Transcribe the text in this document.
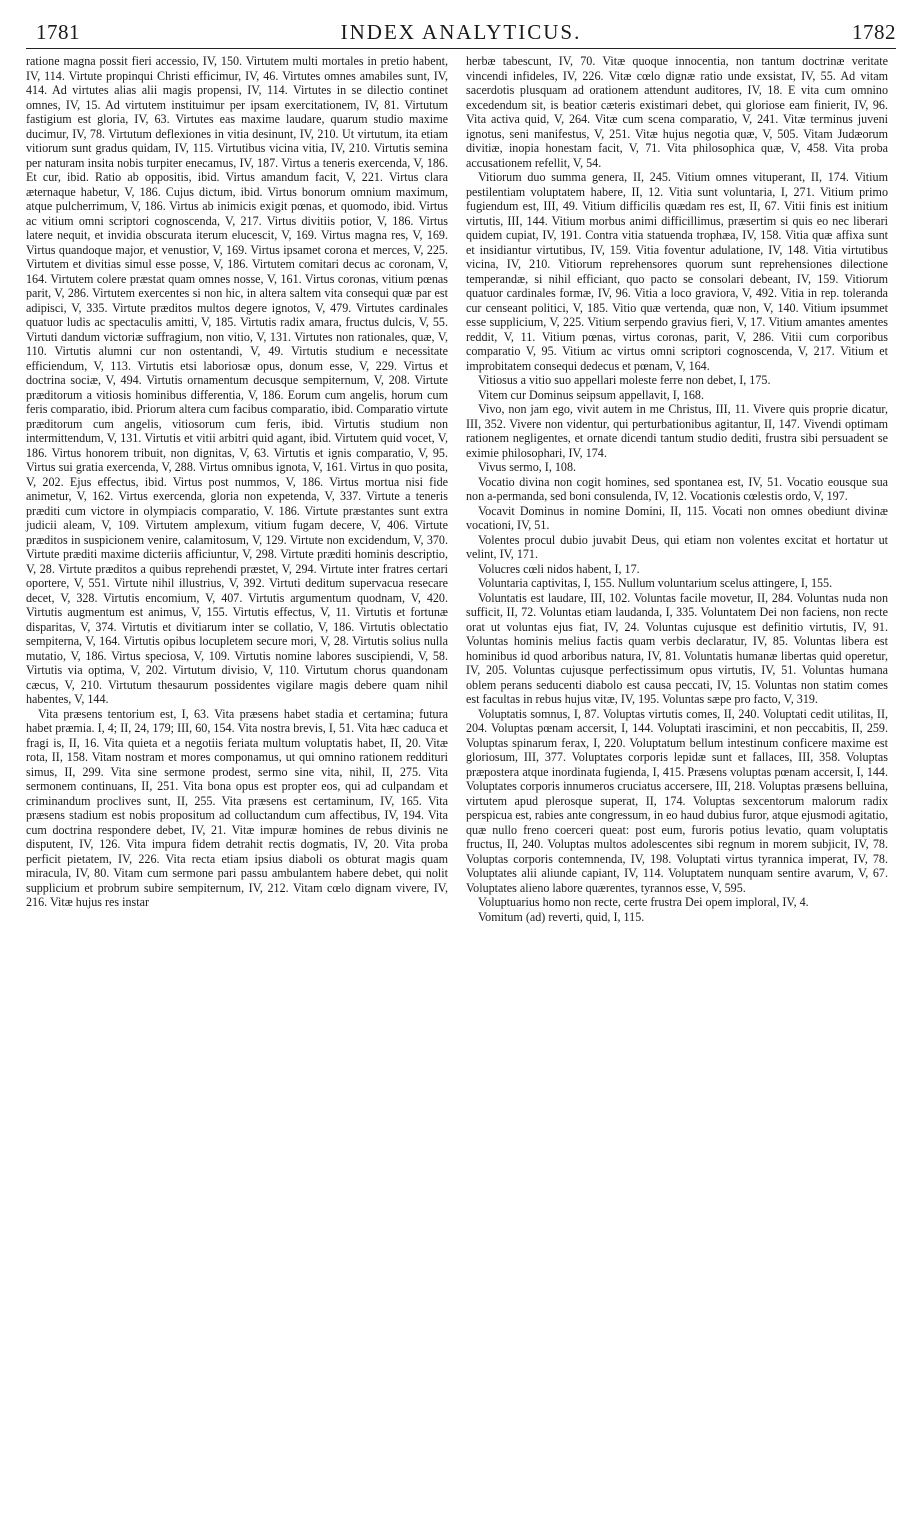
1781	INDEX ANALYTICUS.	1782

ratione magna possit fieri accessio, IV, 150. Virtutem multi mortales in pretio habent, IV, 114. Virtute propinqui Christi efficimur, IV, 46. Virtutes omnes amabiles sunt, IV, 414. Ad virtutes alias alii magis propensi, IV, 114. Virtutes in se dilectio continet omnes, IV, 15. Ad virtutem instituimur per ipsam exercitationem, IV, 81. Virtutum fastigium est gloria, IV, 63. Virtutes eas maxime laudare, quarum studio maxime ducimur, IV, 78. Virtutum deflexiones in vitia desinunt, IV, 210. Ut virtutum, ita etiam vitiorum sunt gradus quidam, IV, 115. Virtutibus vicina vitia, IV, 210. Virtutis semina per naturam insita nobis turpiter enecamus, IV, 187. Virtus a teneris exercenda, V, 186. Et cur, ibid. Ratio ab oppositis, ibid. Virtus amandum facit, V, 221. Virtus clara æternaque habetur, V, 186. Cujus dictum, ibid. Virtus bonorum omnium maximum, atque pulcherrimum, V, 186. Virtus ab inimicis exigit pœnas, et quomodo, ibid. Virtus ac vitium omni scriptori cognoscenda, V, 217. Virtus divitiis potior, V, 186. Virtus latere nequit, et invidia obscurata iterum elucescit, V, 169. Virtus magna res, V, 169. Virtus quandoque major, et venustior, V, 169. Virtus ipsamet corona et merces, V, 225. Virtutem et divitias simul esse posse, V, 186. Virtutem comitari decus ac coronam, V, 164. Virtutem colere præstat quam omnes nosse, V, 161. Virtus coronas, vitium pœnas parit, V, 286. Virtutem exercentes si non hic, in altera saltem vita consequi quæ par est adipisci, V, 335. Virtute præditos multos degere ignotos, V, 479. Virtutes cardinales quatuor ludis ac spectaculis amitti, V, 185. Virtutis radix amara, fructus dulcis, V, 55. Virtuti dandum victoriæ suffragium, non vitio, V, 131. Virtutes non rationales, quæ, V, 110. Virtutis alumni cur non ostentandi, V, 49. Virtutis studium e necessitate efficiendum, V, 113. Virtutis etsi laboriosæ opus, donum esse, V, 229. Virtus et doctrina sociæ, V, 494. Virtutis ornamentum decusque sempiternum, V, 208. Virtute præditorum a vitiosis hominibus differentia, V, 186. Eorum cum angelis, horum cum feris comparatio, ibid. Priorum altera cum facibus comparatio, ibid. Comparatio virtute præditorum cum angelis, vitiosorum cum feris, ibid. Virtutis studium non intermittendum, V, 131. Virtutis et vitii arbitri quid agant, ibid. Virtutem quid vocet, V, 186. Virtus honorem tribuit, non dignitas, V, 63. Virtutis et ignis comparatio, V, 95. Virtus sui gratia exercenda, V, 288. Virtus omnibus ignota, V, 161. Virtus in quo posita, V, 202. Ejus effectus, ibid. Virtus post nummos, V, 186. Virtus mortua nisi fide animetur, V, 162. Virtus exercenda, gloria non expetenda, V, 337. Virtute a teneris præditi cum victore in olympiacis comparatio, V. 186. Virtute præstantes sunt extra judicii aleam, V, 109. Virtutem amplexum, vitium fugam decere, V, 406. Virtute præditos in suspicionem venire, calamitosum, V, 129. Virtute non excidendum, V, 370. Virtute præditi maxime dicteriis afficiuntur, V, 298. Virtute præditi hominis descriptio, V, 28. Virtute præditos a quibus reprehendi præstet, V, 294. Virtute inter fratres certari oportere, V, 551. Virtute nihil illustrius, V, 392. Virtuti deditum supervacua resecare decet, V, 328. Virtutis encomium, V, 407. Virtutis argumentum quodnam, V, 420. Virtutis augmentum est animus, V, 155. Virtutis effectus, V, 11. Virtutis et fortunæ disparitas, V, 374. Virtutis et divitiarum inter se collatio, V, 186. Virtutis oblectatio sempiterna, V, 164. Virtutis opibus locupletem secure mori, V, 28. Virtutis solius nulla mutatio, V, 186. Virtus speciosa, V, 109. Virtutis nomine labores suscipiendi, V, 58. Virtutis via optima, V, 202. Virtutum divisio, V, 110. Virtutum chorus quandonam cæcus, V, 210. Virtutum thesaurum possidentes vigilare magis debere quam nihil habentes, V, 144.

Vita præsens tentorium est, I, 63. Vita præsens habet stadia et certamina; futura habet præmia. I, 4; II, 24, 179; III, 60, 154. Vita nostra brevis, I, 51. Vita hæc caduca et fragi is, II, 16. Vita quieta et a negotiis feriata multum voluptatis habet, II, 20. Vitæ rota, II, 158. Vitam nostram et mores componamus, ut qui omnino rationem reddituri simus, II, 299. Vita sine sermone prodest, sermo sine vita, nihil, II, 275. Vita sermonem continuans, II, 251. Vita bona opus est propter eos, qui ad culpandam et criminandum proclives sunt, II, 255. Vita præsens est certaminum, IV, 165. Vita præsens stadium est nobis propositum ad colluctandum cum affectibus, IV, 194. Vita cum doctrina respondere debet, IV, 21. Vitæ impuræ homines de rebus divinis ne disputent, IV, 126. Vita impura fidem detrahit rectis dogmatis, IV, 20. Vita proba perficit pietatem, IV, 226. Vita recta etiam ipsius diaboli os obturat magis quam miracula, IV, 80. Vitam cum sermone pari passu ambulantem habere debet, qui nolit supplicium et probrum subire sempiternum, IV, 212. Vitam cœlo dignam vivere, IV, 216. Vitæ hujus res instar

herbæ tabescunt, IV, 70. Vitæ quoque innocentia, non tantum doctrinæ veritate vincendi infideles, IV, 226. Vitæ cœlo dignæ ratio unde exsistat, IV, 55. Ad vitam sacerdotis plusquam ad orationem attendunt auditores, IV, 18. E vita cum omnino excedendum sit, is beatior cæteris existimari debet, qui gloriose eam finierit, IV, 96. Vita activa quid, V, 264. Vitæ cum scena comparatio, V, 241. Vitæ terminus juveni ignotus, seni manifestus, V, 251. Vitæ hujus negotia quæ, V, 505. Vitam Judæorum divitiæ, inopia honestam facit, V, 71. Vita philosophica quæ, V, 458. Vita proba accusationem refellit, V, 54.

Vitiorum duo summa genera, II, 245. Vitium omnes vituperant, II, 174. Vitium pestilentiam voluptatem habere, II, 12. Vitia sunt voluntaria, I, 271. Vitium primo fugiendum est, III, 49. Vitium difficilis quædam res est, II, 67. Vitii finis est initium virtutis, III, 144. Vitium morbus animi difficillimus, præsertim si quis eo nec liberari quidem cupiat, IV, 191. Contra vitia statuenda trophæa, IV, 158. Vitia quæ affixa sunt et insidiantur virtutibus, IV, 159. Vitia foventur adulatione, IV, 148. Vitia virtutibus vicina, IV, 210. Vitiorum reprehensores quorum sunt reprehensiones dilectione temperandæ, si nihil efficiant, quo pacto se consolari debeant, IV, 159. Vitiorum quatuor cardinales formæ, IV, 96. Vitia a loco graviora, V, 492. Vitia in rep. toleranda cur censeant politici, V, 185. Vitio quæ vertenda, quæ non, V, 140. Vitium ipsummet esse supplicium, V, 225. Vitium serpendo gravius fieri, V, 17. Vitium amantes amentes reddit, V, 11. Vitium pœnas, virtus coronas, parit, V, 286. Vitii cum corporibus comparatio V, 95. Vitium ac virtus omni scriptori cognoscenda, V, 217. Vitium et improbitatem consequi dedecus et pœnam, V, 164.

Vitiosus a vitio suo appellari moleste ferre non debet, I, 175.

Vitem cur Dominus seipsum appellavit, I, 168.

Vivo, non jam ego, vivit autem in me Christus, III, 11. Vivere quis proprie dicatur, III, 352. Vivere non videntur, qui perturbationibus agitantur, II, 147. Vivendi optimam rationem negligentes, et ornate dicendi tantum studio dediti, frustra sibi persuadent se eximie philosophari, IV, 174.

Vivus sermo, I, 108.

Vocatio divina non cogit homines, sed spontanea est, IV, 51. Vocatio eousque sua non a-permanda, sed boni consulenda, IV, 12. Vocationis cœlestis ordo, V, 197.

Vocavit Dominus in nomine Domini, II, 115. Vocati non omnes obediunt divinæ vocationi, IV, 51.

Volentes procul dubio juvabit Deus, qui etiam non volentes excitat et hortatur ut velint, IV, 171.

Volucres cœli nidos habent, I, 17.

Voluntaria captivitas, I, 155. Nullum voluntarium scelus attingere, I, 155.

Voluntatis est laudare, III, 102. Voluntas facile movetur, II, 284. Voluntas nuda non sufficit, II, 72. Voluntas etiam laudanda, I, 335. Voluntatem Dei non faciens, non recte orat ut voluntas ejus fiat, IV, 24. Voluntas cujusque est definitio virtutis, IV, 91. Voluntas hominis melius factis quam verbis declaratur, IV, 85. Voluntas libera est hominibus id quod arboribus natura, IV, 81. Voluntatis humanæ libertas quid operetur, IV, 205. Voluntas cujusque perfectissimum opus virtutis, IV, 51. Voluntas humana oblem perans seducenti diabolo est causa peccati, IV, 15. Voluntas non statim comes est facultas in rebus hujus vitæ, IV, 195. Voluntas sæpe pro facto, V, 319.

Voluptatis somnus, I, 87. Voluptas virtutis comes, II, 240. Voluptati cedit utilitas, II, 204. Voluptas pœnam accersit, I, 144. Voluptati irascimini, et non peccabitis, II, 259. Voluptas spinarum ferax, I, 220. Voluptatum bellum intestinum conficere maxime est gloriosum, III, 377. Voluptates corporis lepidæ sunt et fallaces, III, 358. Voluptas præpostera atque inordinata fugienda, I, 415. Præsens voluptas pœnam accersit, I, 144. Voluptates corporis innumeros cruciatus accersere, III, 218. Voluptas præsens belluina, virtutem apud plerosque superat, II, 174. Voluptas sexcentorum malorum radix perspicua est, rabies ante congressum, in eo haud dubius furor, atque ejusmodi agitatio, quæ nullo freno coerceri queat: post eum, furoris potius levatio, quam voluptatis fructus, II, 240. Voluptas multos adolescentes sibi regnum in morem subjicit, IV, 78. Voluptas corporis contemnenda, IV, 198. Voluptati virtus tyrannica imperat, IV, 78. Voluptates alii aliunde capiant, IV, 114. Voluptatem nunquam sentire avarum, V, 67. Voluptates alieno labore quærentes, tyrannos esse, V, 595.

Voluptuarius homo non recte, certe frustra Dei opem imploral, IV, 4.

Vomitum (ad) reverti, quid, I, 115.
